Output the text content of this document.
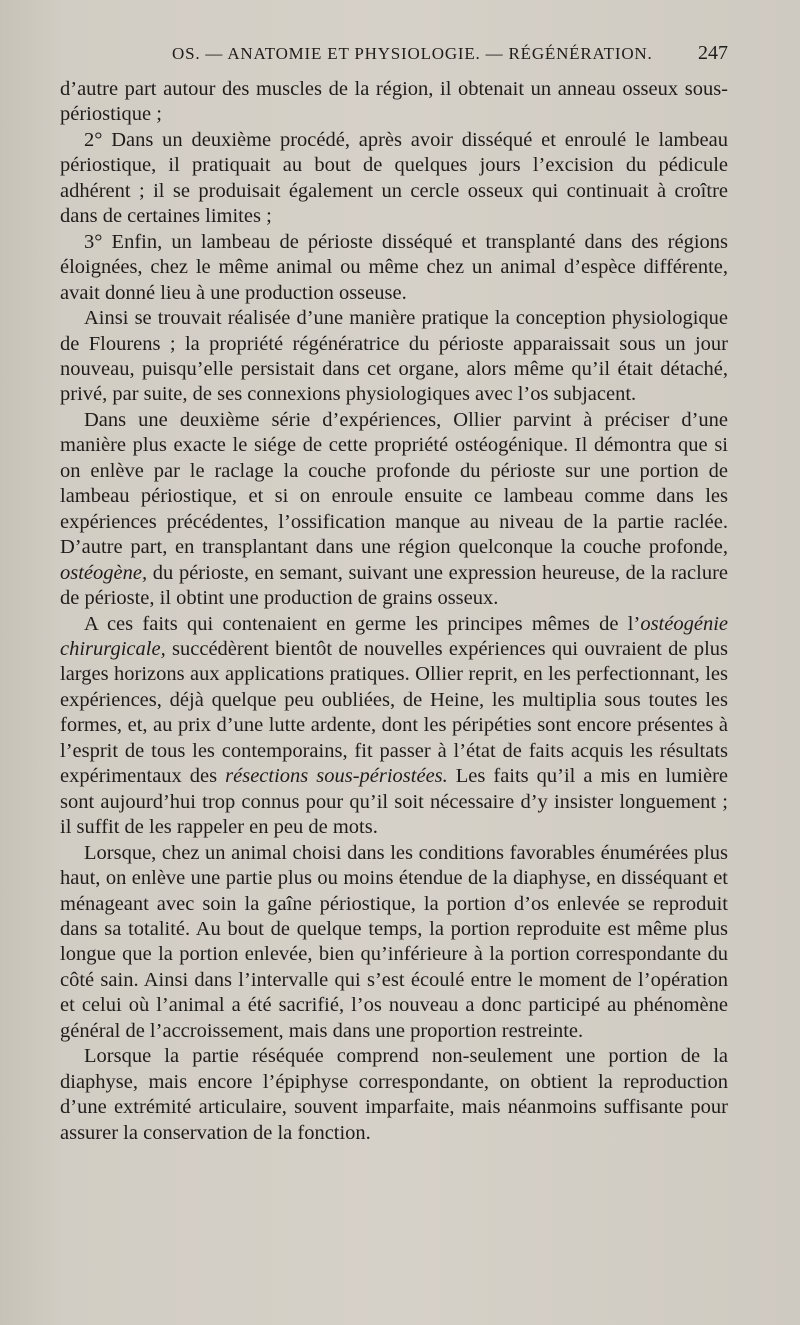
OS. — ANATOMIE ET PHYSIOLOGIE. — RÉGÉNÉRATION. 247

d’autre part autour des muscles de la région, il obtenait un anneau osseux sous-périostique ;

2° Dans un deuxième procédé, après avoir disséqué et enroulé le lambeau périostique, il pratiquait au bout de quelques jours l’excision du pédicule adhérent ; il se produisait également un cercle osseux qui continuait à croître dans de certaines limites ;

3° Enfin, un lambeau de périoste disséqué et transplanté dans des régions éloignées, chez le même animal ou même chez un animal d’espèce différente, avait donné lieu à une production osseuse.

Ainsi se trouvait réalisée d’une manière pratique la conception physiologique de Flourens ; la propriété régénératrice du périoste apparaissait sous un jour nouveau, puisqu’elle persistait dans cet organe, alors même qu’il était détaché, privé, par suite, de ses connexions physiologiques avec l’os subjacent.

Dans une deuxième série d’expériences, Ollier parvint à préciser d’une manière plus exacte le siége de cette propriété ostéogénique. Il démontra que si on enlève par le raclage la couche profonde du périoste sur une portion de lambeau périostique, et si on enroule ensuite ce lambeau comme dans les expériences précédentes, l’ossification manque au niveau de la partie raclée. D’autre part, en transplantant dans une région quelconque la couche profonde, ostéogène, du périoste, en semant, suivant une expression heureuse, de la raclure de périoste, il obtint une production de grains osseux.

A ces faits qui contenaient en germe les principes mêmes de l’ostéogénie chirurgicale, succédèrent bientôt de nouvelles expériences qui ouvraient de plus larges horizons aux applications pratiques. Ollier reprit, en les perfectionnant, les expériences, déjà quelque peu oubliées, de Heine, les multiplia sous toutes les formes, et, au prix d’une lutte ardente, dont les péripéties sont encore présentes à l’esprit de tous les contemporains, fit passer à l’état de faits acquis les résultats expérimentaux des résections sous-périostées. Les faits qu’il a mis en lumière sont aujourd’hui trop connus pour qu’il soit nécessaire d’y insister longuement ; il suffit de les rappeler en peu de mots.

Lorsque, chez un animal choisi dans les conditions favorables énumérées plus haut, on enlève une partie plus ou moins étendue de la diaphyse, en disséquant et ménageant avec soin la gaîne périostique, la portion d’os enlevée se reproduit dans sa totalité. Au bout de quelque temps, la portion reproduite est même plus longue que la portion enlevée, bien qu’inférieure à la portion correspondante du côté sain. Ainsi dans l’intervalle qui s’est écoulé entre le moment de l’opération et celui où l’animal a été sacrifié, l’os nouveau a donc participé au phénomène général de l’accroissement, mais dans une proportion restreinte.

Lorsque la partie réséquée comprend non-seulement une portion de la diaphyse, mais encore l’épiphyse correspondante, on obtient la reproduction d’une extrémité articulaire, souvent imparfaite, mais néanmoins suffisante pour assurer la conservation de la fonction.
